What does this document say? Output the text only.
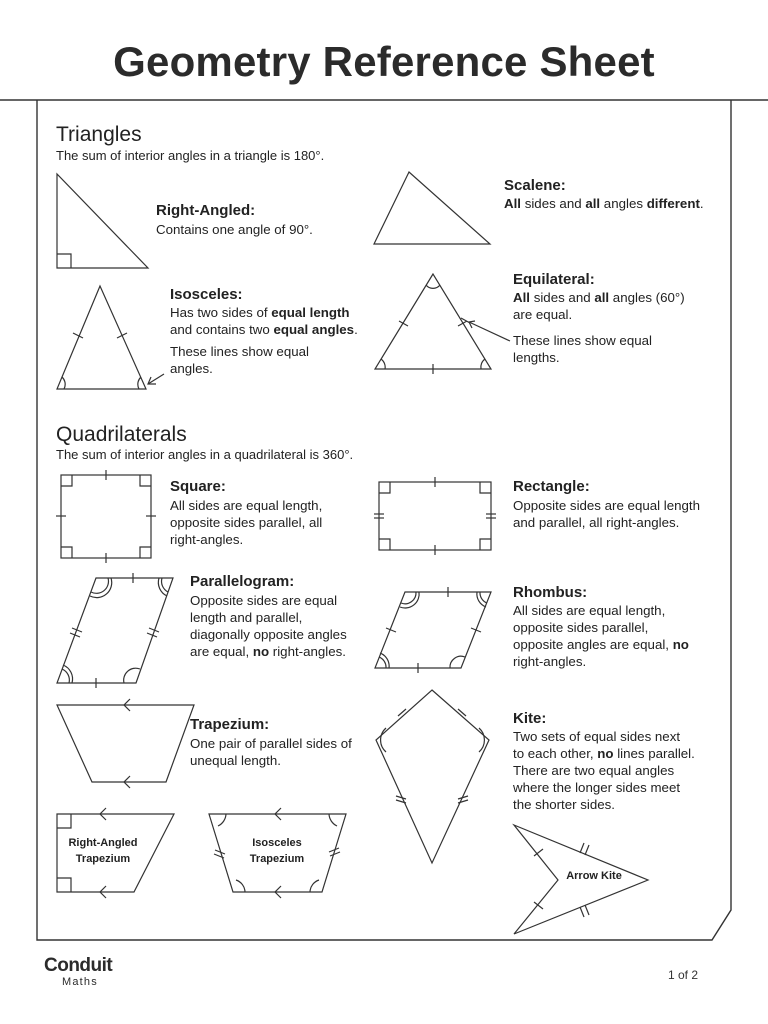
Geometry Reference Sheet
Triangles
The sum of interior angles in a triangle is 180°.
Right-Angled:
Contains one angle of 90°.
Scalene:
All sides and all angles different.
Isosceles:
Has two sides of equal length
and contains two equal angles.
These lines show equal
angles.
Equilateral:
All sides and all angles (60°)
are equal.
These lines show equal
lengths.
Quadrilaterals
The sum of interior angles in a quadrilateral is 360°.
Square:
All sides are equal length,
opposite sides parallel, all
right-angles.
Rectangle:
Opposite sides are equal length
and parallel, all right-angles.
Parallelogram:
Opposite sides are equal
length and parallel,
diagonally opposite angles
are equal, no right-angles.
Rhombus:
All sides are equal length,
opposite sides parallel,
opposite angles are equal, no
right-angles.
Trapezium:
One pair of parallel sides of
unequal length.
Kite:
Two sets of equal sides next
to each other, no lines parallel.
There are two equal angles
where the longer sides meet
the shorter sides.
Right-Angled
Trapezium
Isosceles
Trapezium
Arrow Kite
Conduit
Maths	1 of 2
